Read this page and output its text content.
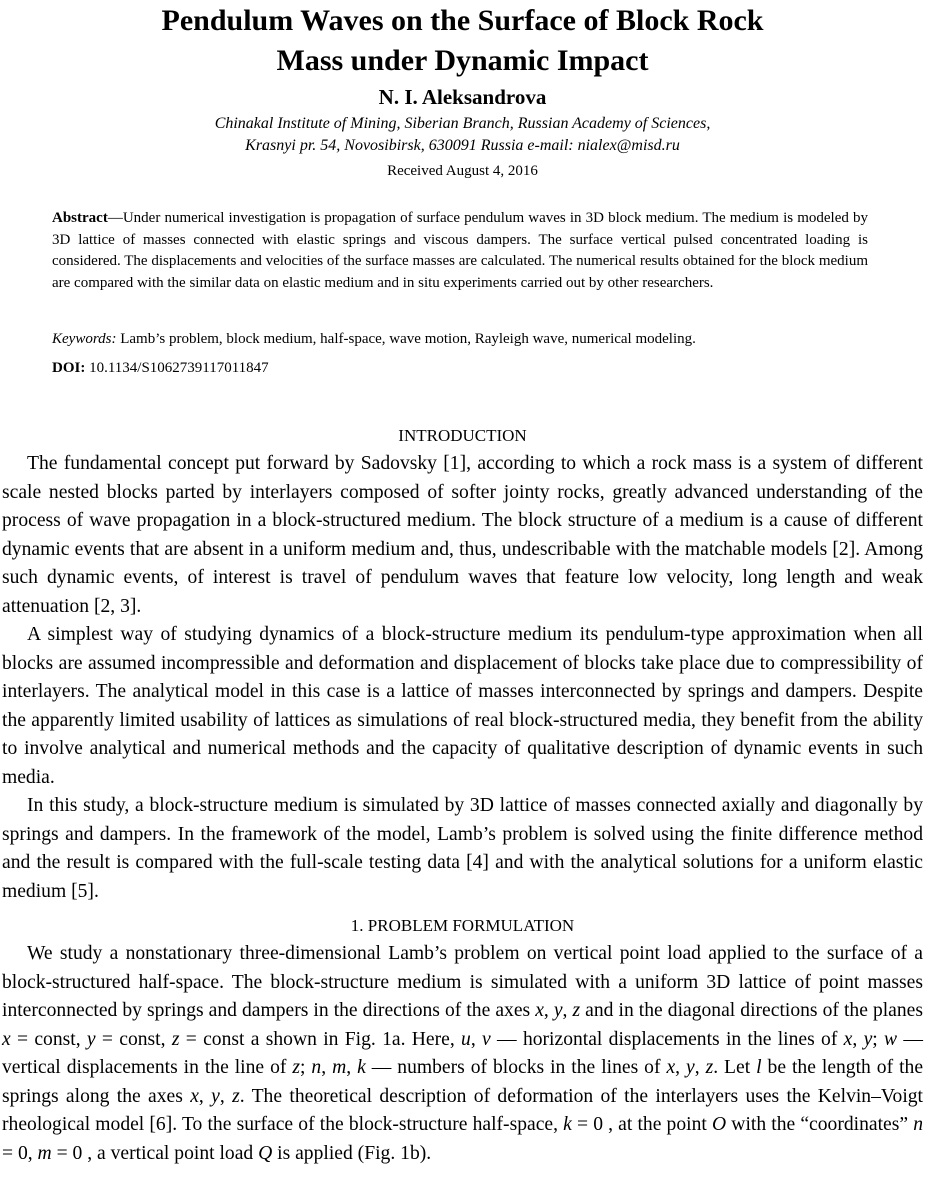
Pendulum Waves on the Surface of Block Rock
Mass under Dynamic Impact
N. I. Aleksandrova
Chinakal Institute of Mining, Siberian Branch, Russian Academy of Sciences,
Krasnyi pr. 54, Novosibirsk, 630091 Russia e-mail: nialex@misd.ru
Received August 4, 2016
Abstract—Under numerical investigation is propagation of surface pendulum waves in 3D block medium. The medium is modeled by 3D lattice of masses connected with elastic springs and viscous dampers. The surface vertical pulsed concentrated loading is considered. The displacements and velocities of the surface masses are calculated. The numerical results obtained for the block medium are compared with the similar data on elastic medium and in situ experiments carried out by other researchers.
Keywords: Lamb’s problem, block medium, half-space, wave motion, Rayleigh wave, numerical modeling.
DOI: 10.1134/S1062739117011847
INTRODUCTION
The fundamental concept put forward by Sadovsky [1], according to which a rock mass is a system of different scale nested blocks parted by interlayers composed of softer jointy rocks, greatly advanced understanding of the process of wave propagation in a block-structured medium. The block structure of a medium is a cause of different dynamic events that are absent in a uniform medium and, thus, undescribable with the matchable models [2]. Among such dynamic events, of interest is travel of pendulum waves that feature low velocity, long length and weak attenuation [2, 3].
A simplest way of studying dynamics of a block-structure medium its pendulum-type approximation when all blocks are assumed incompressible and deformation and displacement of blocks take place due to compressibility of interlayers. The analytical model in this case is a lattice of masses interconnected by springs and dampers. Despite the apparently limited usability of lattices as simulations of real block-structured media, they benefit from the ability to involve analytical and numerical methods and the capacity of qualitative description of dynamic events in such media.
In this study, a block-structure medium is simulated by 3D lattice of masses connected axially and diagonally by springs and dampers. In the framework of the model, Lamb’s problem is solved using the finite difference method and the result is compared with the full-scale testing data [4] and with the analytical solutions for a uniform elastic medium [5].
1. PROBLEM FORMULATION
We study a nonstationary three-dimensional Lamb’s problem on vertical point load applied to the surface of a block-structured half-space. The block-structure medium is simulated with a uniform 3D lattice of point masses interconnected by springs and dampers in the directions of the axes x, y, z and in the diagonal directions of the planes x = const, y = const, z = const a shown in Fig. 1a. Here, u, v — horizontal displacements in the lines of x, y; w — vertical displacements in the line of z; n, m, k — numbers of blocks in the lines of x, y, z. Let l be the length of the springs along the axes x, y, z. The theoretical description of deformation of the interlayers uses the Kelvin–Voigt rheological model [6]. To the surface of the block-structure half-space, k = 0 , at the point O with the “coordinates” n = 0, m = 0 , a vertical point load Q is applied (Fig. 1b).
